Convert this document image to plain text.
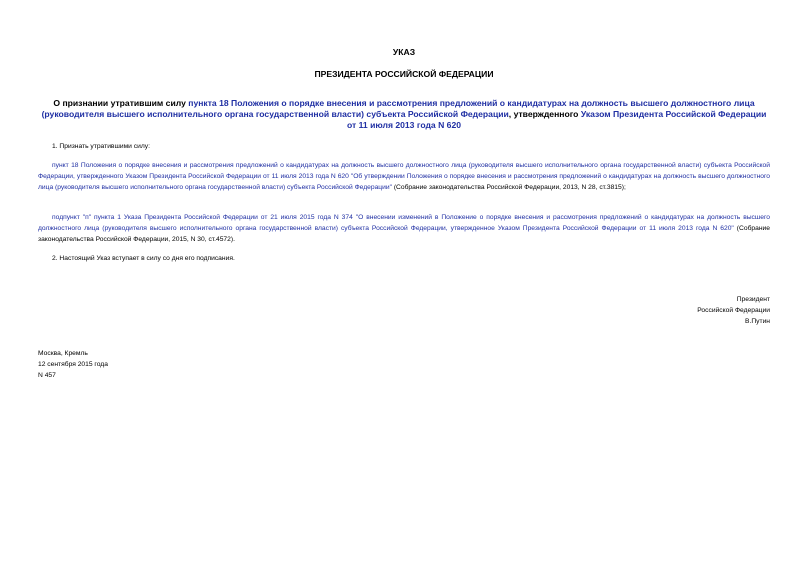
УКАЗ
ПРЕЗИДЕНТА РОССИЙСКОЙ ФЕДЕРАЦИИ
О признании утратившим силу пункта 18 Положения о порядке внесения и рассмотрения предложений о кандидатурах на должность высшего должностного лица (руководителя высшего исполнительного органа государственной власти) субъекта Российской Федерации, утвержденного Указом Президента Российской Федерации от 11 июля 2013 года N 620
1. Признать утратившими силу:
пункт 18 Положения о порядке внесения и рассмотрения предложений о кандидатурах на должность высшего должностного лица (руководителя высшего исполнительного органа государственной власти) субъекта Российской Федерации, утвержденного Указом Президента Российской Федерации от 11 июля 2013 года N 620 "Об утверждении Положения о порядке внесения и рассмотрения предложений о кандидатурах на должность высшего должностного лица (руководителя высшего исполнительного органа государственной власти) субъекта Российской Федерации" (Собрание законодательства Российской Федерации, 2013, N 28, ст.3815);
подпункт "п" пункта 1 Указа Президента Российской Федерации от 21 июля 2015 года N 374 "О внесении изменений в Положение о порядке внесения и рассмотрения предложений о кандидатурах на должность высшего должностного лица (руководителя высшего исполнительного органа государственной власти) субъекта Российской Федерации, утвержденное Указом Президента Российской Федерации от 11 июля 2013 года N 620" (Собрание законодательства Российской Федерации, 2015, N 30, ст.4572).
2. Настоящий Указ вступает в силу со дня его подписания.
Президент
Российской Федерации
В.Путин
Москва, Кремль
12 сентября 2015 года
N 457
